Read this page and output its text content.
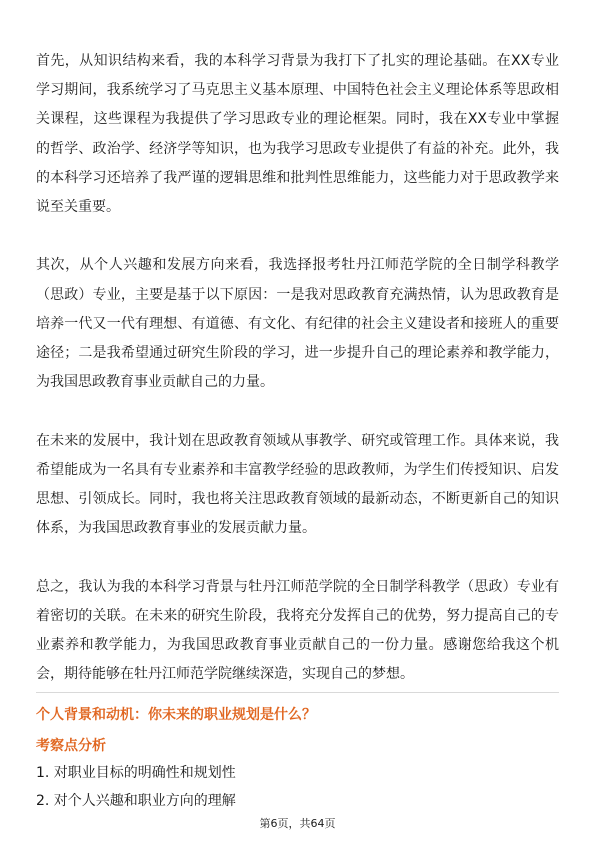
首先，从知识结构来看，我的本科学习背景为我打下了扎实的理论基础。在XX专业学习期间，我系统学习了马克思主义基本原理、中国特色社会主义理论体系等思政相关课程，这些课程为我提供了学习思政专业的理论框架。同时，我在XX专业中掌握的哲学、政治学、经济学等知识，也为我学习思政专业提供了有益的补充。此外，我的本科学习还培养了我严谨的逻辑思维和批判性思维能力，这些能力对于思政教学来说至关重要。

其次，从个人兴趣和发展方向来看，我选择报考牡丹江师范学院的全日制学科教学（思政）专业，主要是基于以下原因：一是我对思政教育充满热情，认为思政教育是培养一代又一代有理想、有道德、有文化、有纪律的社会主义建设者和接班人的重要途径；二是我希望通过研究生阶段的学习，进一步提升自己的理论素养和教学能力，为我国思政教育事业贡献自己的力量。

在未来的发展中，我计划在思政教育领域从事教学、研究或管理工作。具体来说，我希望能成为一名具有专业素养和丰富教学经验的思政教师，为学生们传授知识、启发思想、引领成长。同时，我也将关注思政教育领域的最新动态，不断更新自己的知识体系，为我国思政教育事业的发展贡献力量。

总之，我认为我的本科学习背景与牡丹江师范学院的全日制学科教学（思政）专业有着密切的关联。在未来的研究生阶段，我将充分发挥自己的优势，努力提高自己的专业素养和教学能力，为我国思政教育事业贡献自己的一份力量。感谢您给我这个机会，期待能够在牡丹江师范学院继续深造，实现自己的梦想。

个人背景和动机：你未来的职业规划是什么？

考察点分析

1. 对职业目标的明确性和规划性

2. 对个人兴趣和职业方向的理解

第6页，共64页
